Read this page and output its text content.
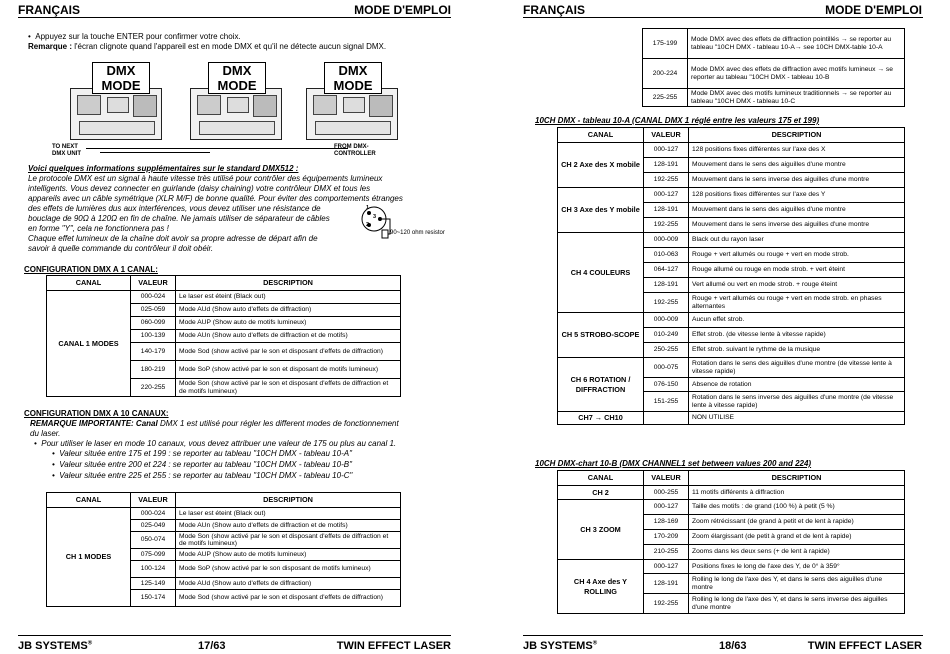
FRANÇAIS	MODE D'EMPLOI
•  Appuyez sur la touche ENTER pour confirmer votre choix.
Remarque : l'écran clignote quand l'appareil est en mode DMX et qu'il ne détecte aucun signal DMX.
DMX
MODE
DMX
MODE
DMX
MODE
TO NEXT DMX UNIT
FROM DMX-CONTROLLER
Voici quelques informations supplémentaires sur le standard DMX512 :
Le protocole DMX est un signal à haute vitesse très utilisé pour contrôler des équipements lumineux
intelligents. Vous devez connecter en guirlande (daisy chaining) votre contrôleur DMX et tous les
appareils avec un câble symétrique (XLR M/F) de bonne qualité. Pour éviter des comportements étranges
des effets de lumières dus aux interférences, vous devez utiliser une résistance de
bouclage de 90Ω à 120Ω en fin de chaîne. Ne jamais utiliser de séparateur de câbles
en forme "Y", cela ne fonctionnera pas !
Chaque effet lumineux de la chaîne doit avoir sa propre adresse de départ afin de
savoir à quelle commande du contrôleur il doit obéir.
1
3
2
90~120 ohm resistor
CONFIGURATION DMX A 1 CANAL:
CANAL	VALEUR	DESCRIPTION
CANAL 1 MODES	000-024	Le laser est éteint (Black out)
	025-059	Mode AUd (Show auto d'effets de diffraction)
	060-099	Mode AUP (Show auto de motifs lumineux)
	100-139	Mode AUn (Show auto d'effets de diffraction et de motifs)
	140-179	Mode Sod (show activé par le son et disposant d'effets de diffraction)
	180-219	Mode SoP (show activé par le son et disposant de motifs lumineux)
	220-255	Mode Son (show activé par le son et disposant d'effets de diffraction et de motifs lumineux)
CONFIGURATION DMX A 10 CANAUX:
REMARQUE IMPORTANTE: Canal DMX 1 est utilisé pour régler les different modes de fonctionnement
du laser.
•  Pour utiliser le laser en mode 10 canaux, vous devez attribuer une valeur de 175 ou plus au canal 1.
•  Valeur située entre 175 et 199 : se reporter au tableau "10CH DMX - tableau 10-A"
•  Valeur située entre 200 et 224 : se reporter au tableau "10CH DMX - tableau 10-B"
•  Valeur située entre 225 et 255 : se reporter au tableau "10CH DMX - tableau 10-C"
CANAL	VALEUR	DESCRIPTION
CH 1 MODES	000-024	Le laser est éteint (Black out)
	025-049	Mode AUn (Show auto d'effets de diffraction et de motifs)
	050-074	Mode Son (show activé par le son et disposant d'effets de diffraction et de motifs lumineux)
	075-099	Mode AUP (Show auto de motifs lumineux)
	100-124	Mode SoP (show activé par le son disposant de motifs lumineux)
	125-149	Mode AUd (Show auto d'effets de diffraction)
	150-174	Mode Sod (show activé par le son et disposant d'effets de diffraction)
JB SYSTEMS®	17/63	TWIN EFFECT LASER
FRANÇAIS	MODE D'EMPLOI
175-199	Mode DMX avec des effets de diffraction pointillés → se reporter au tableau "10CH DMX - tableau 10-A→ see 10CH DMX-table 10-A
200-224	Mode DMX avec des effets de diffraction avec motifs lumineux → se reporter au tableau "10CH DMX - tableau 10-B
225-255	Mode DMX avec des motifs lumineux traditionnels → se reporter au tableau "10CH DMX - tableau 10-C
10CH DMX - tableau 10-A (CANAL DMX 1 réglé entre les valeurs 175 et 199)
CANAL	VALEUR	DESCRIPTION
CH 2 Axe des X mobile	000-127	128 positions fixes différentes sur l'axe des X
	128-191	Mouvement dans le sens des aiguilles d'une montre
	192-255	Mouvement dans le sens inverse des aiguilles d'une montre
CH 3 Axe des Y mobile	000-127	128 positions fixes différentes sur l'axe des Y
	128-191	Mouvement dans le sens des aiguilles d'une montre
	192-255	Mouvement dans le sens inverse des aiguilles d'une montre
CH 4 COULEURS	000-009	Black out du rayon laser
	010-063	Rouge + vert allumés ou rouge + vert en mode strob.
	064-127	Rouge allumé ou rouge en mode strob. + vert éteint
	128-191	Vert allumé ou vert en mode strob. + rouge éteint
	192-255	Rouge + vert allumés ou rouge + vert en mode strob. en phases alternantes
CH 5 STROBO-SCOPE	000-009	Aucun effet strob.
	010-249	Effet strob. (de vitesse lente à vitesse rapide)
	250-255	Effet strob. suivant le rythme de la musique
CH 6 ROTATION / DIFFRACTION	000-075	Rotation dans le sens des aiguilles d'une montre (de vitesse lente à vitesse rapide)
	076-150	Absence de rotation
	151-255	Rotation dans le sens inverse des aiguilles d'une montre (de vitesse lente à vitesse rapide)
CH7 → CH10		NON UTILISE
10CH DMX-chart 10-B (DMX CHANNEL1 set between values 200 and 224)
CANAL	VALEUR	DESCRIPTION
CH 2	000-255	11 motifs différents à diffraction
CH 3 ZOOM	000-127	Taille des motifs : de grand (100 %) à petit (5 %)
	128-169	Zoom rétrécissant (de grand à petit et de lent à rapide)
	170-209	Zoom élargissant (de petit à grand et de lent à rapide)
	210-255	Zooms dans les deux sens (+ de lent à rapide)
CH 4 Axe des Y ROLLING	000-127	Positions fixes le long de l'axe des Y, de 0° à 359°
	128-191	Rolling le long de l'axe des Y, et dans le sens des aiguilles d'une montre
	192-255	Rolling le long de l'axe des Y, et dans le sens inverse des aiguilles d'une montre
JB SYSTEMS®	18/63	TWIN EFFECT LASER
